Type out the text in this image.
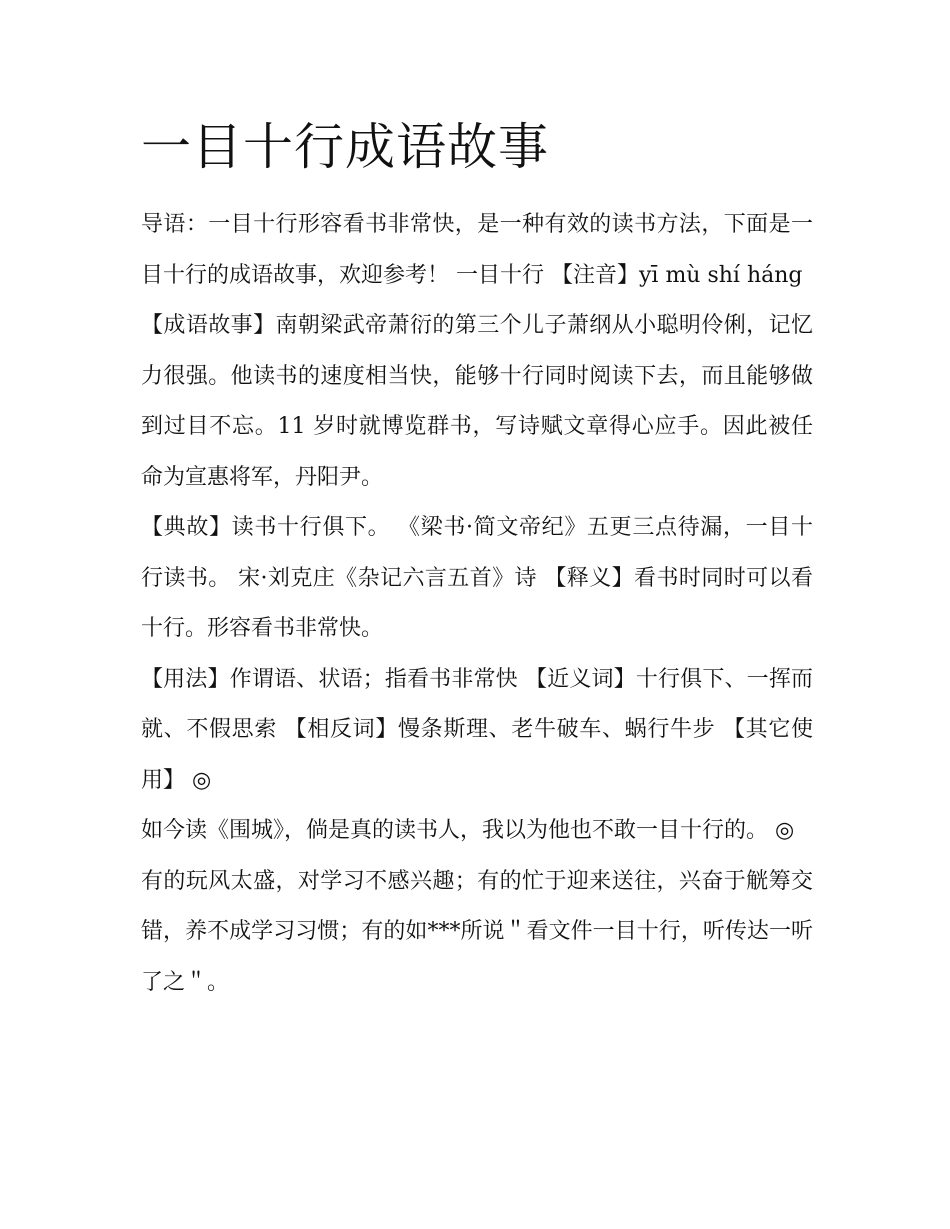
一目十行成语故事

导语：一目十行形容看书非常快，是一种有效的读书方法，下面是一目十行的成语故事，欢迎参考！ 一目十行 【注音】yī mù shí háng

【成语故事】南朝梁武帝萧衍的第三个儿子萧纲从小聪明伶俐，记忆力很强。他读书的速度相当快，能够十行同时阅读下去，而且能够做到过目不忘。11 岁时就博览群书，写诗赋文章得心应手。因此被任命为宣惠将军，丹阳尹。

【典故】读书十行俱下。 《梁书·简文帝纪》五更三点待漏，一目十行读书。 宋·刘克庄《杂记六言五首》诗 【释义】看书时同时可以看十行。形容看书非常快。

【用法】作谓语、状语；指看书非常快 【近义词】十行俱下、一挥而就、不假思索 【相反词】慢条斯理、老牛破车、蜗行牛步 【其它使用】 ◎

如今读《围城》，倘是真的读书人，我以为他也不敢一目十行的。 ◎

有的玩风太盛，对学习不感兴趣；有的忙于迎来送往，兴奋于觥筹交错，养不成学习习惯；有的如***所说＂看文件一目十行，听传达一听了之＂。
